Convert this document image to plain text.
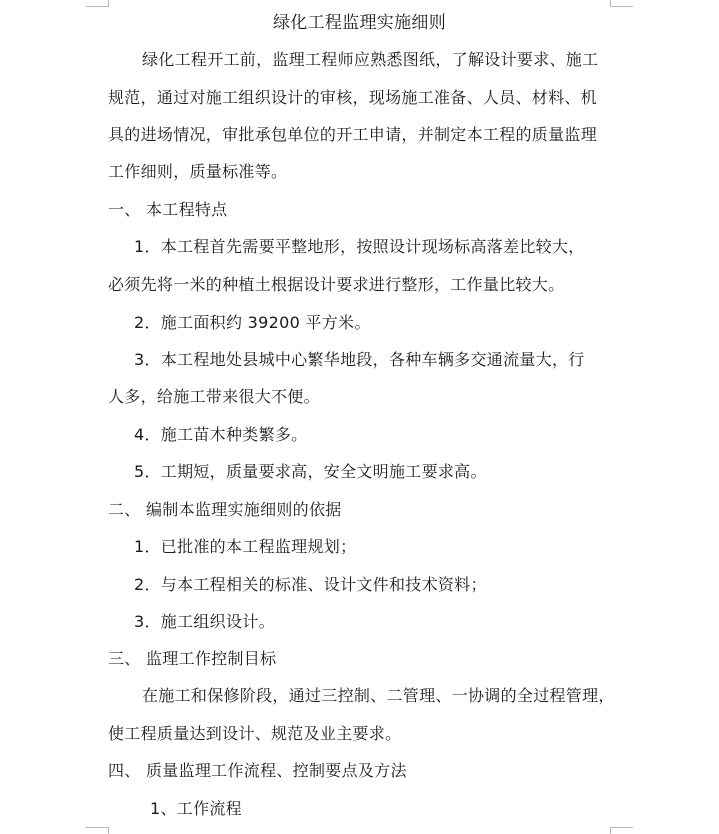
绿化工程监理实施细则
绿化工程开工前，监理工程师应熟悉图纸，了解设计要求、施工
规范，通过对施工组织设计的审核，现场施工准备、人员、材料、机
具的进场情况，审批承包单位的开工申请，并制定本工程的质量监理
工作细则，质量标准等。
一、 本工程特点
1．本工程首先需要平整地形，按照设计现场标高落差比较大，
必须先将一米的种植土根据设计要求进行整形，工作量比较大。
2．施工面积约 39200 平方米。
3．本工程地处县城中心繁华地段，各种车辆多交通流量大，行
人多，给施工带来很大不便。
4．施工苗木种类繁多。
5．工期短，质量要求高，安全文明施工要求高。
二、 编制本监理实施细则的依据
1．已批准的本工程监理规划；
2．与本工程相关的标准、设计文件和技术资料；
3．施工组织设计。
三、 监理工作控制目标
在施工和保修阶段，通过三控制、二管理、一协调的全过程管理，
使工程质量达到设计、规范及业主要求。
四、 质量监理工作流程、控制要点及方法
1、工作流程
